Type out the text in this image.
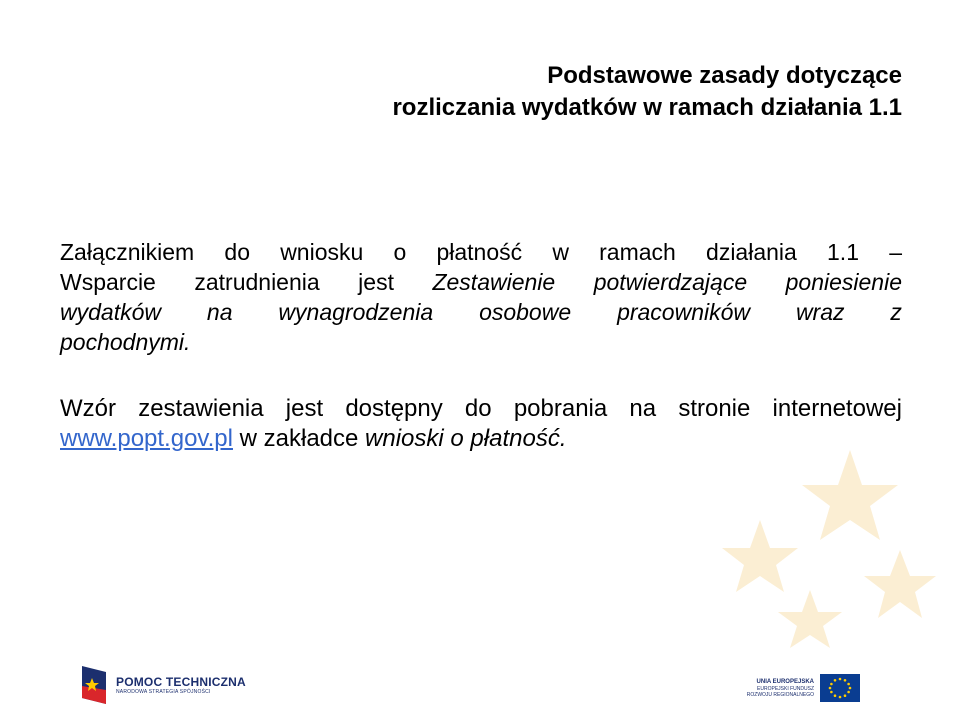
Podstawowe zasady dotyczące
rozliczania wydatków w ramach działania 1.1
Załącznikiem do wniosku o płatność w ramach działania 1.1 –
Wsparcie zatrudnienia jest Zestawienie potwierdzające poniesienie
wydatków na wynagrodzenia osobowe pracowników wraz z
pochodnymi.
Wzór zestawienia jest dostępny do pobrania na stronie internetowej
www.popt.gov.pl w zakładce wnioski o płatność.
POMOC TECHNICZNA
NARODOWA STRATEGIA SPÓJNOŚCI
UNIA EUROPEJSKA
EUROPEJSKI FUNDUSZ
ROZWOJU REGIONALNEGO
